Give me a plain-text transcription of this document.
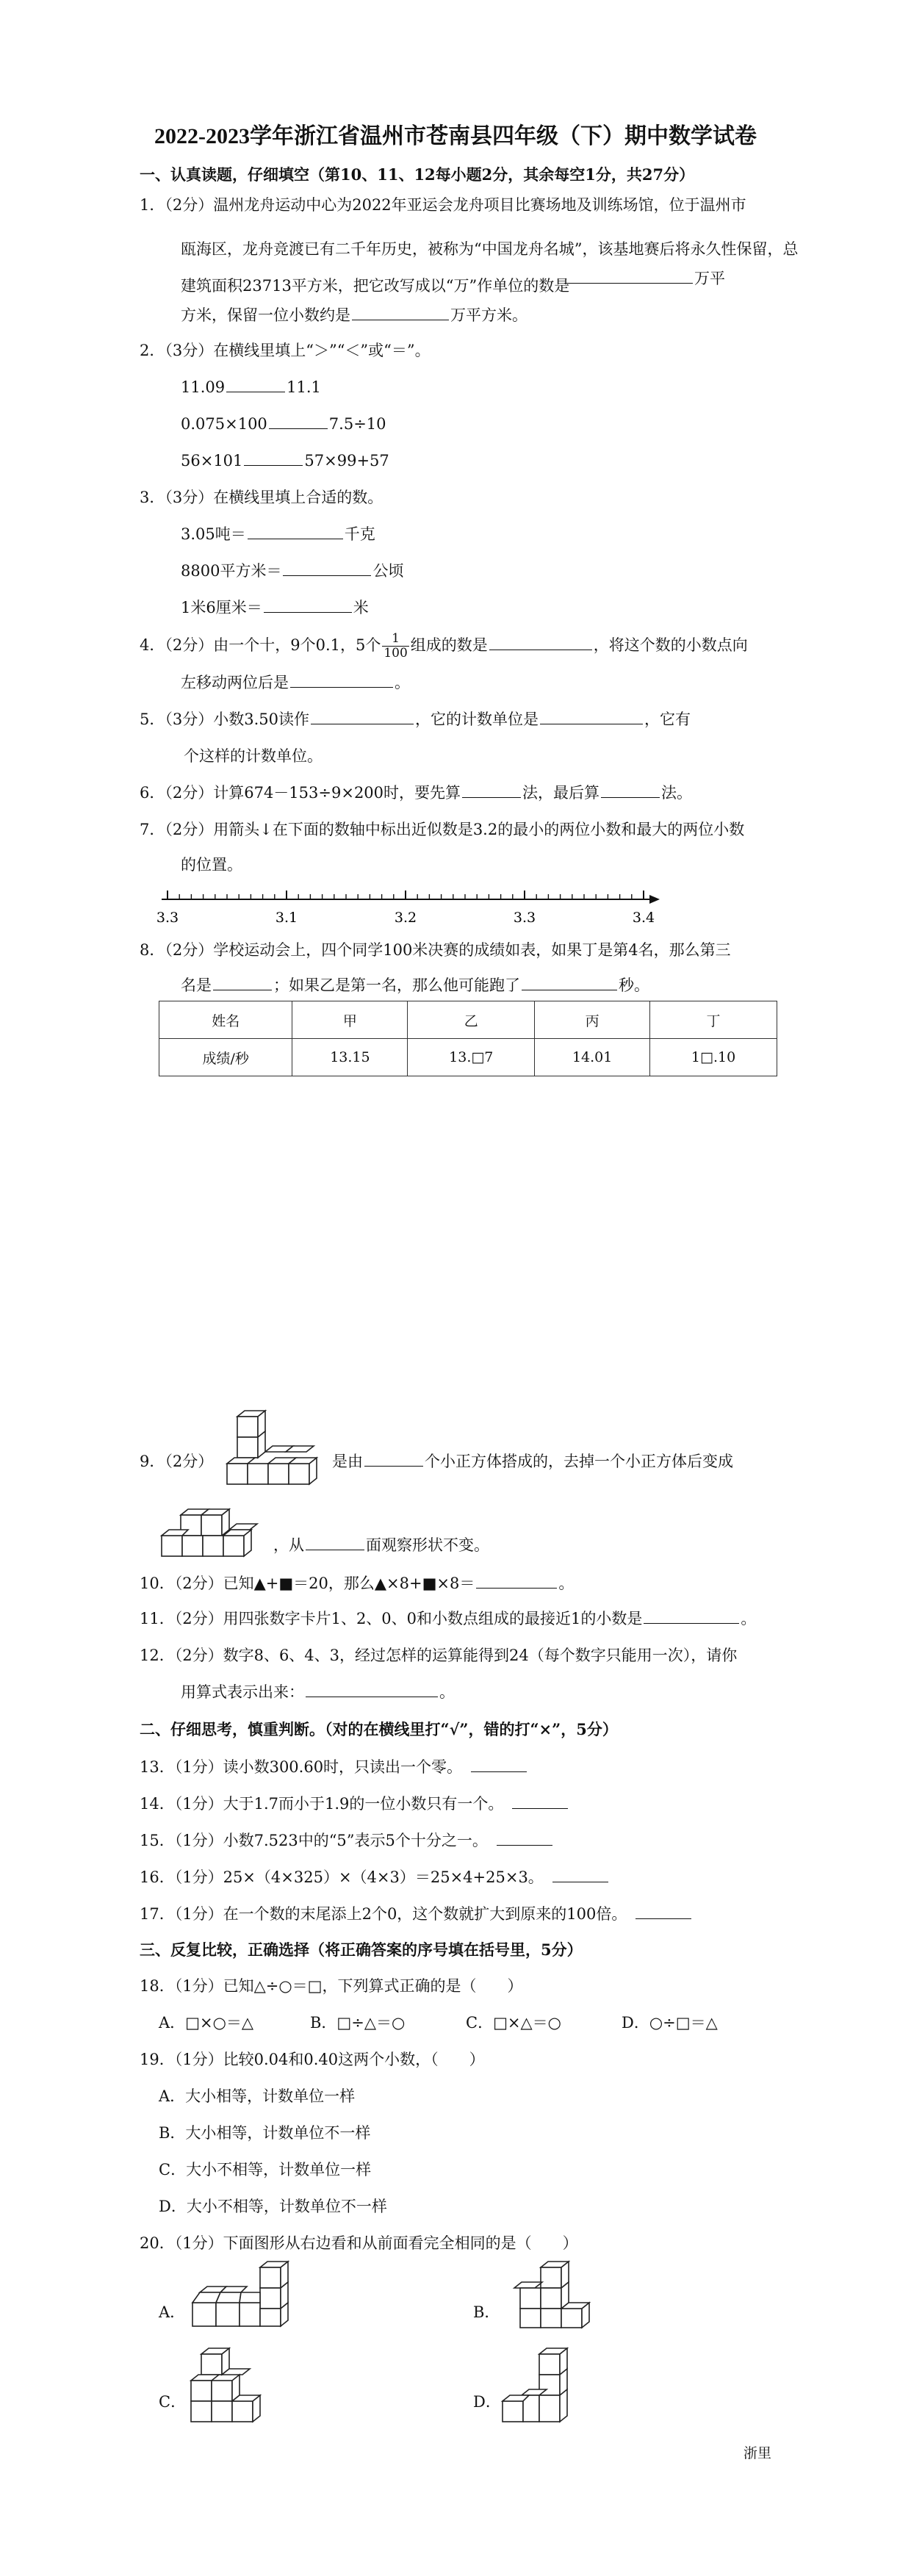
2022-2023学年浙江省温州市苍南县四年级（下）期中数学试卷
一、认真读题，仔细填空（第10、11、12每小题2分，其余每空1分，共27分）
1．（2分）温州龙舟运动中心为2022年亚运会龙舟项目比赛场地及训练场馆，位于温州市
瓯海区，龙舟竞渡已有二千年历史，被称为“中国龙舟名城”，该基地赛后将永久性保留，总建筑面积23713平方米，把它改写成以“万”作单位的数是	万平
方米，保留一位小数约是	万平方米。
2．（3分）在横线里填上“＞”“＜”或“＝”。
11.09	11.1
0.075×100	7.5÷10
56×101	57×99+57
3．（3分）在横线里填上合适的数。
3.05吨＝	千克
8800平方米＝	公顷
1米6厘米＝	米
4．（2分）由一个十，9个0.1，5个 $\frac{1}{100}$ 组成的数是	，将这个数的小数点向
左移动两位后是	。
5．（3分）小数3.50读作	，它的计数单位是	，它有
个这样的计数单位。
6．（2分）计算674－153÷9×200时，要先算	法，最后算	法。
7．（2分）用箭头↓在下面的数轴中标出近似数是3.2的最小的两位小数和最大的两位小数
的位置。
3.3	3.1	3.2	3.3	3.4
8．（2分）学校运动会上，四个同学100米决赛的成绩如表，如果丁是第4名，那么第三
名是	；如果乙是第一名，那么他可能跑了	秒。
姓名	甲	乙	丙	丁
成绩/秒	13.15	13.□7	14.01	1□.10
9．（2分）	是由	个小正方体搭成的，去掉一个小正方体后变成
，从	面观察形状不变。
10．（2分）已知▲+■＝20，那么▲×8+■×8＝	。
11．（2分）用四张数字卡片1、2、0、0和小数点组成的最接近1的小数是	。
12．（2分）数字8、6、4、3，经过怎样的运算能得到24（每个数字只能用一次），请你
用算式表示出来：	。
二、仔细思考，慎重判断。（对的在横线里打“√”，错的打“×”，5分）
13．（1分）读小数300.60时，只读出一个零。
14．（1分）大于1.7而小于1.9的一位小数只有一个。
15．（1分）小数7.523中的“5”表示5个十分之一。
16．（1分）25×（4×325）×（4×3）＝25×4+25×3。
17．（1分）在一个数的末尾添上2个0，这个数就扩大到原来的100倍。
三、反复比较，正确选择（将正确答案的序号填在括号里，5分）
18．（1分）已知△÷○＝□，下列算式正确的是（　　）
A．□×○＝△	B．□÷△＝○	C．□×△＝○	D．○÷□＝△
19．（1分）比较0.04和0.40这两个小数，（　　）
A．大小相等，计数单位一样
B．大小相等，计数单位不一样
C．大小不相等，计数单位一样
D．大小不相等，计数单位不一样
20．（1分）下面图形从右边看和从前面看完全相同的是（　　）
A．	B．
C．	D．
浙里
